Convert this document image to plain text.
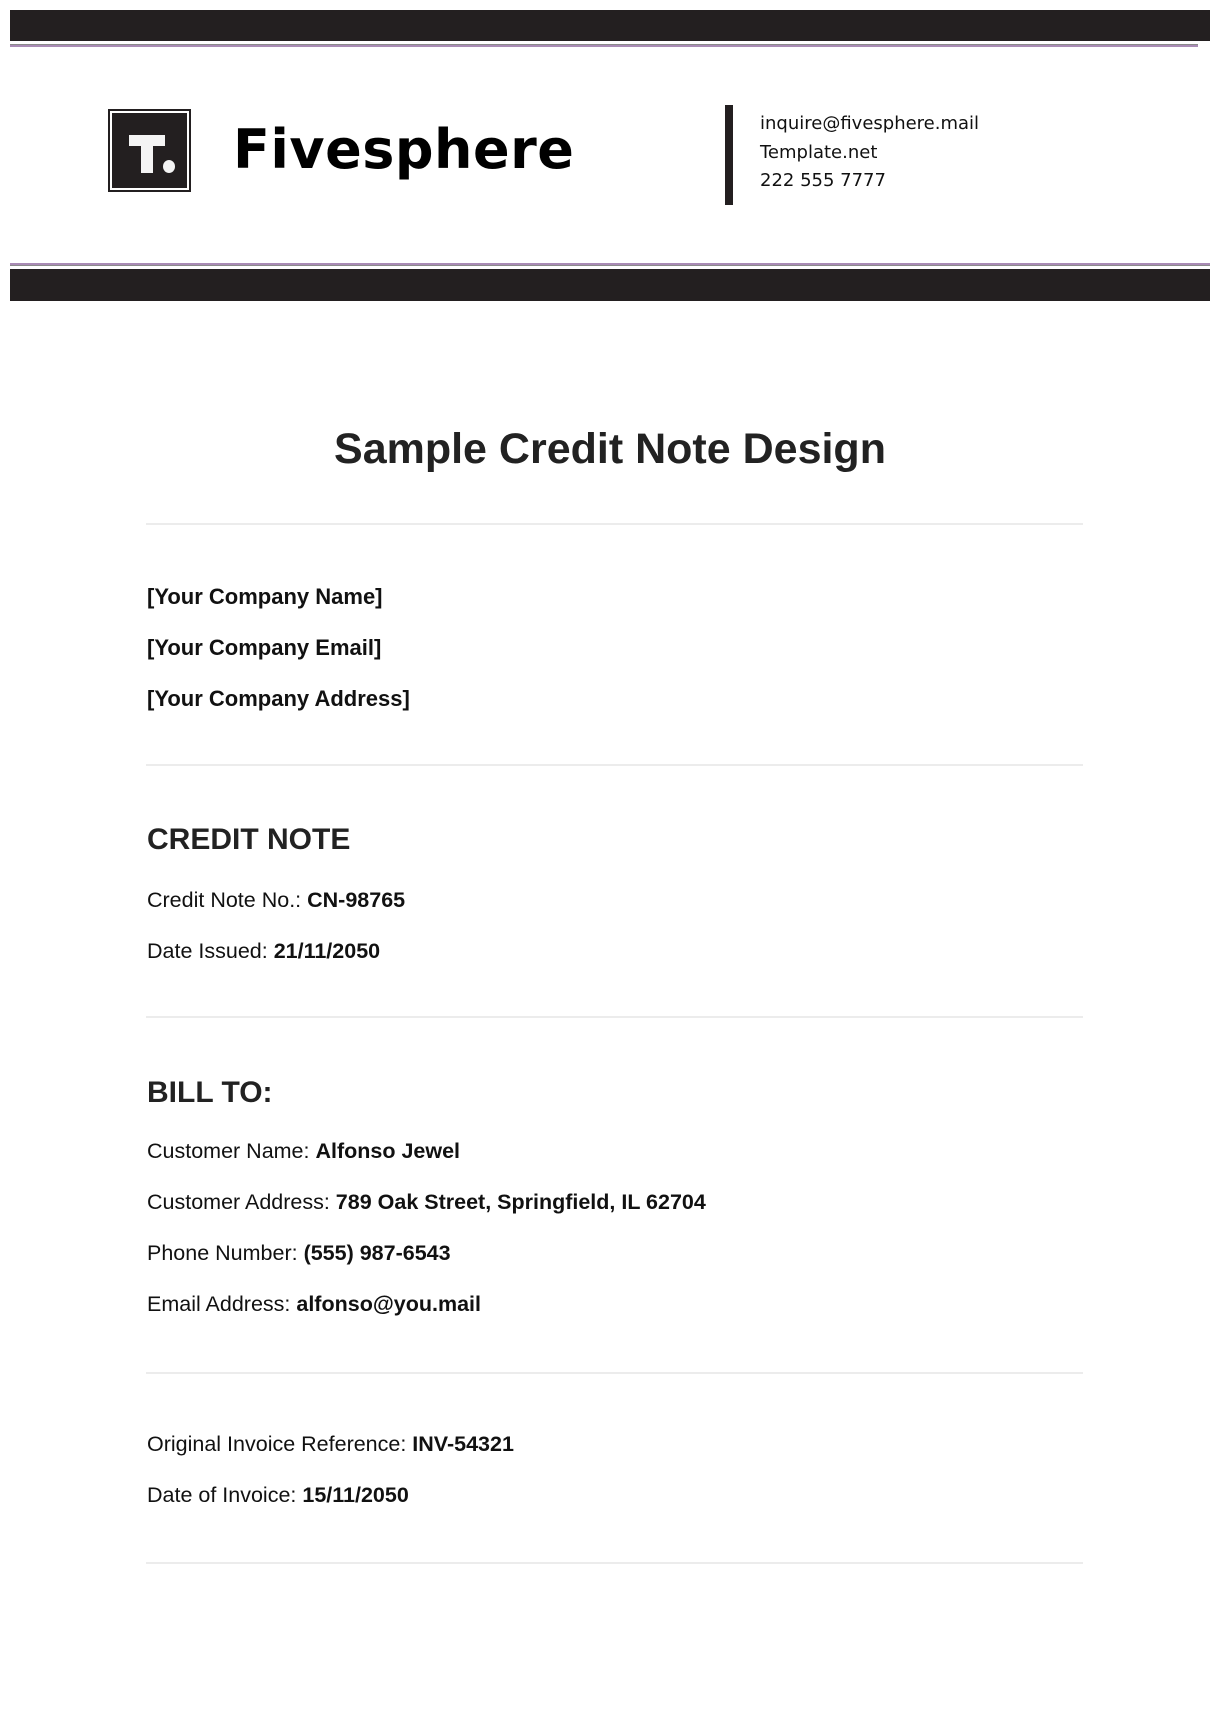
Fivesphere	inquire@fivesphere.mail
Template.net
222 555 7777
Sample Credit Note Design
[Your Company Name]
[Your Company Email]
[Your Company Address]
CREDIT NOTE
Credit Note No.: CN-98765
Date Issued: 21/11/2050
BILL TO:
Customer Name: Alfonso Jewel
Customer Address: 789 Oak Street, Springfield, IL 62704
Phone Number: (555) 987-6543
Email Address: alfonso@you.mail
Original Invoice Reference: INV-54321
Date of Invoice: 15/11/2050
